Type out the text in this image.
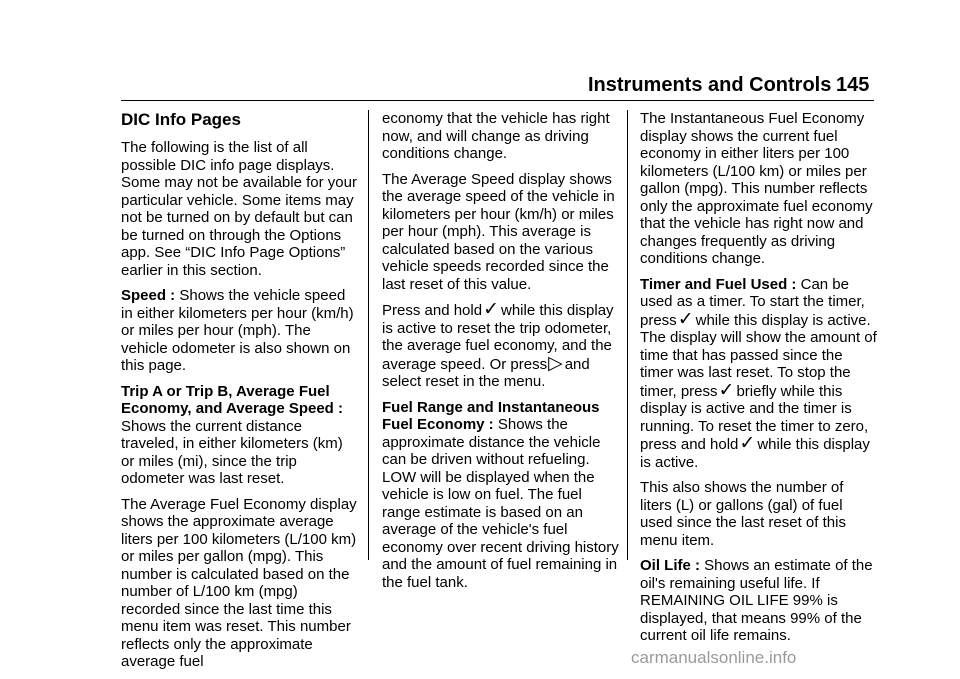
Instruments and Controls 145
DIC Info Pages

The following is the list of all possible DIC info page displays. Some may not be available for your particular vehicle. Some items may not be turned on by default but can be turned on through the Options app. See “DIC Info Page Options” earlier in this section.

Speed : Shows the vehicle speed in either kilometers per hour (km/h) or miles per hour (mph). The vehicle odometer is also shown on this page.

Trip A or Trip B, Average Fuel Economy, and Average Speed : Shows the current distance traveled, in either kilometers (km) or miles (mi), since the trip odometer was last reset.

The Average Fuel Economy display shows the approximate average liters per 100 kilometers (L/100 km) or miles per gallon (mpg). This number is calculated based on the number of L/100 km (mpg) recorded since the last time this menu item was reset. This number reflects only the approximate average fuel

economy that the vehicle has right now, and will change as driving conditions change.

The Average Speed display shows the average speed of the vehicle in kilometers per hour (km/h) or miles per hour (mph). This average is calculated based on the various vehicle speeds recorded since the last reset of this value.

Press and hold✓ while this display is active to reset the trip odometer, the average fuel economy, and the average speed. Or press▷ and select reset in the menu.

Fuel Range and Instantaneous Fuel Economy : Shows the approximate distance the vehicle can be driven without refueling. LOW will be displayed when the vehicle is low on fuel. The fuel range estimate is based on an average of the vehicle's fuel economy over recent driving history and the amount of fuel remaining in the fuel tank.

The Instantaneous Fuel Economy display shows the current fuel economy in either liters per 100 kilometers (L/100 km) or miles per gallon (mpg). This number reflects only the approximate fuel economy that the vehicle has right now and changes frequently as driving conditions change.

Timer and Fuel Used : Can be used as a timer. To start the timer, press✓ while this display is active. The display will show the amount of time that has passed since the timer was last reset. To stop the timer, press✓ briefly while this display is active and the timer is running. To reset the timer to zero, press and hold✓ while this display is active.

This also shows the number of liters (L) or gallons (gal) of fuel used since the last reset of this menu item.

Oil Life : Shows an estimate of the oil's remaining useful life. If REMAINING OIL LIFE 99% is displayed, that means 99% of the current oil life remains.

carmanualsonline.info
